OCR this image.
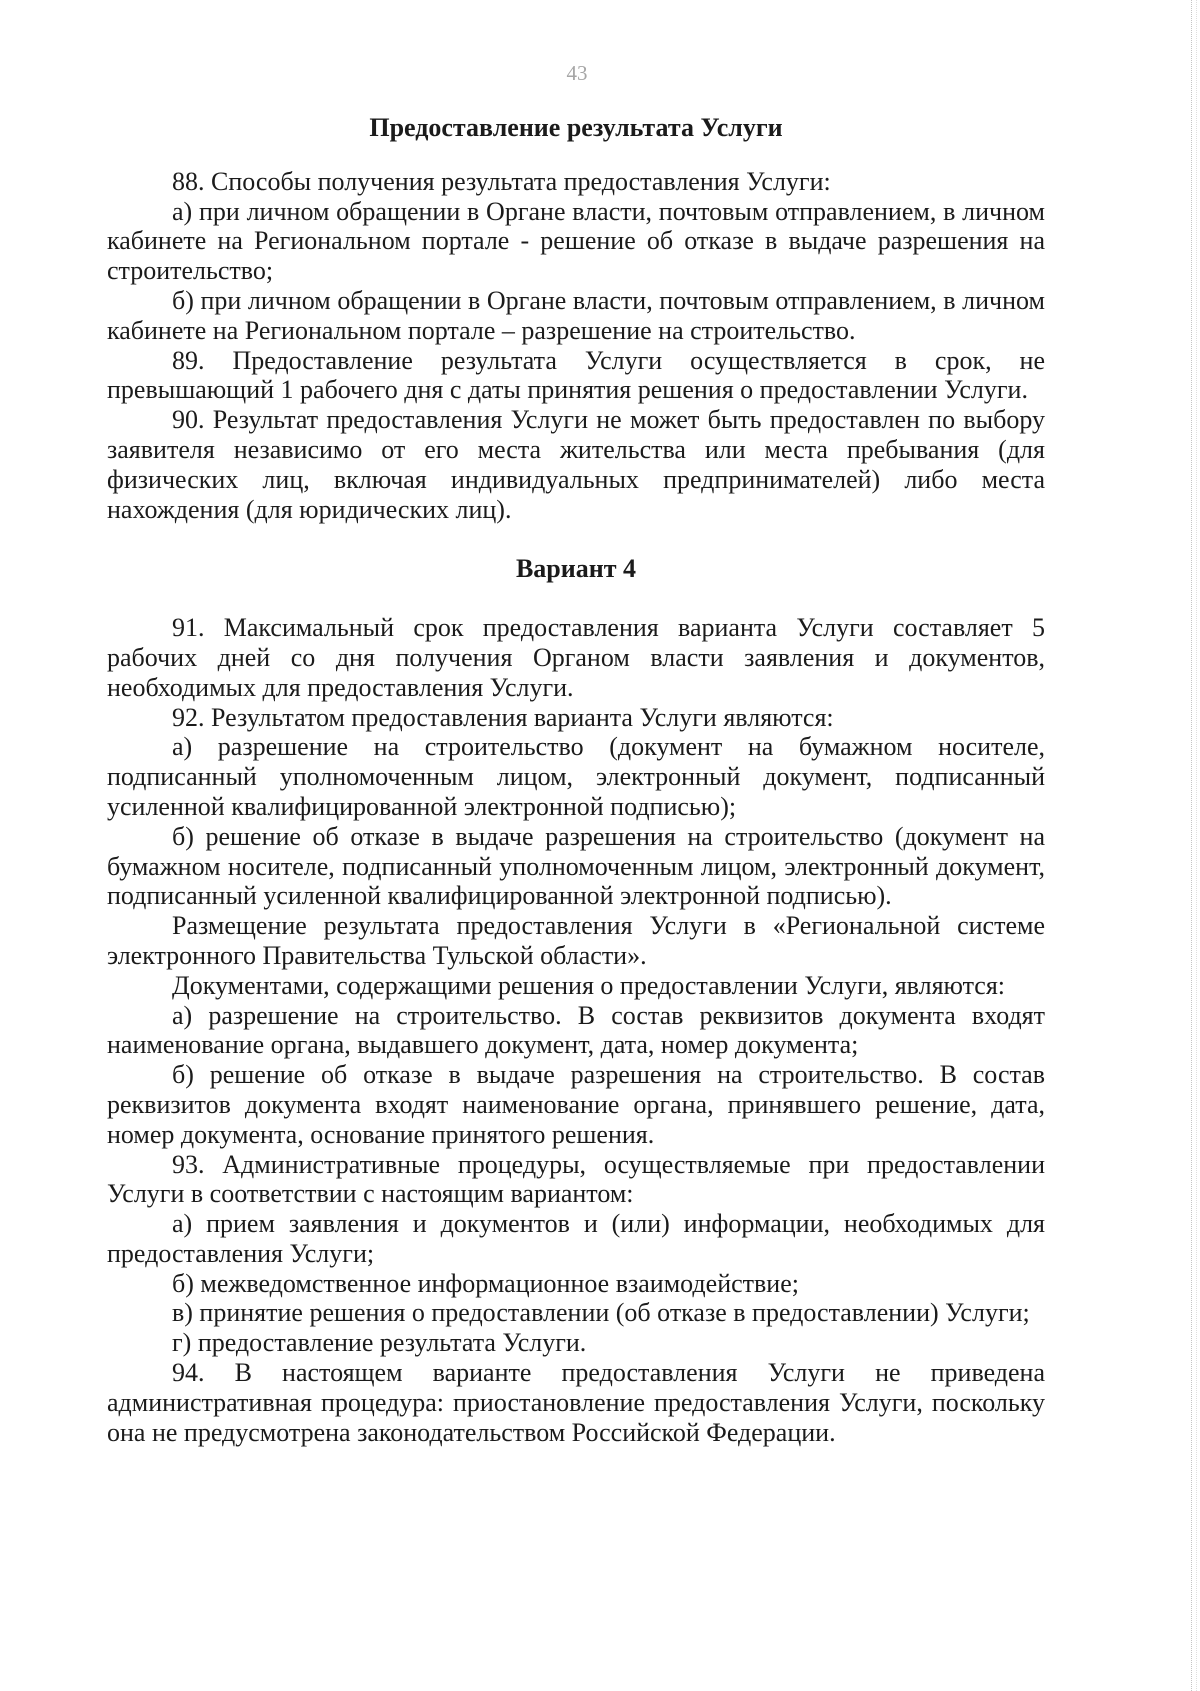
43
Предоставление результата Услуги

88. Способы получения результата предоставления Услуги:

а) при личном обращении в Органе власти, почтовым отправлением, в личном кабинете на Региональном портале - решение об отказе в выдаче разрешения на строительство;

б) при личном обращении в Органе власти, почтовым отправлением, в личном кабинете на Региональном портале – разрешение на строительство.

89. Предоставление результата Услуги осуществляется в срок, не превышающий 1 рабочего дня с даты принятия решения о предоставлении Услуги.

90. Результат предоставления Услуги не может быть предоставлен по выбору заявителя независимо от его места жительства или места пребывания (для физических лиц, включая индивидуальных предпринимателей) либо места нахождения (для юридических лиц).

Вариант 4

91. Максимальный срок предоставления варианта Услуги составляет 5 рабочих дней со дня получения Органом власти заявления и документов, необходимых для предоставления Услуги.

92. Результатом предоставления варианта Услуги являются:

а) разрешение на строительство (документ на бумажном носителе, подписанный уполномоченным лицом, электронный документ, подписанный усиленной квалифицированной электронной подписью);

б) решение об отказе в выдаче разрешения на строительство (документ на бумажном носителе, подписанный уполномоченным лицом, электронный документ, подписанный усиленной квалифицированной электронной подписью).

Размещение результата предоставления Услуги в «Региональной системе электронного Правительства Тульской области».

Документами, содержащими решения о предоставлении Услуги, являются:

а) разрешение на строительство. В состав реквизитов документа входят наименование органа, выдавшего документ, дата, номер документа;

б) решение об отказе в выдаче разрешения на строительство. В состав реквизитов документа входят наименование органа, принявшего решение, дата, номер документа, основание принятого решения.

93. Административные процедуры, осуществляемые при предоставлении Услуги в соответствии с настоящим вариантом:

а) прием заявления и документов и (или) информации, необходимых для предоставления Услуги;

б) межведомственное информационное взаимодействие;

в) принятие решения о предоставлении (об отказе в предоставлении) Услуги;

г) предоставление результата Услуги.

94. В настоящем варианте предоставления Услуги не приведена административная процедура: приостановление предоставления Услуги, поскольку она не предусмотрена законодательством Российской Федерации.
